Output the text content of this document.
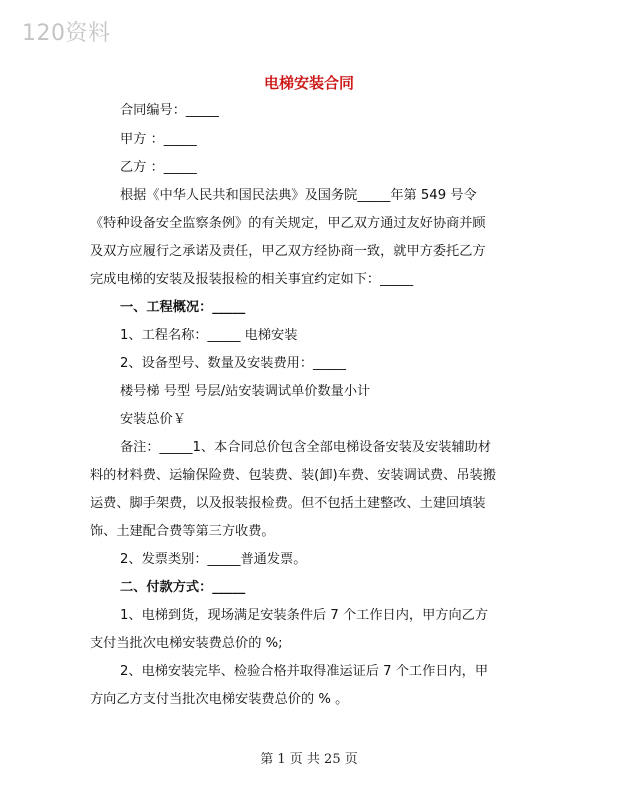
120资料
电梯安装合同
合同编号：_____
甲方 ：_____
乙方 ：_____
根据《中华人民共和国民法典》及国务院_____年第 549 号令
《特种设备安全监察条例》的有关规定，甲乙双方通过友好协商并顾
及双方应履行之承诺及责任，甲乙双方经协商一致，就甲方委托乙方
完成电梯的安装及报装报检的相关事宜约定如下：_____
一、工程概况：_____
1、工程名称：_____ 电梯安装
2、设备型号、数量及安装费用：_____
楼号梯 号型 号层/站安装调试单价数量小计
安装总价￥
备注：_____1、本合同总价包含全部电梯设备安装及安装辅助材
料的材料费、运输保险费、包装费、装(卸)车费、安装调试费、吊装搬
运费、脚手架费，以及报装报检费。但不包括土建整改、土建回填装
饰、土建配合费等第三方收费。
2、发票类别：_____普通发票。
二、付款方式：_____
1、电梯到货，现场满足安装条件后 7 个工作日内，甲方向乙方
支付当批次电梯安装费总价的 %;
2、电梯安装完毕、检验合格并取得准运证后 7 个工作日内，甲
方向乙方支付当批次电梯安装费总价的 % 。
第 1 页 共 25 页
